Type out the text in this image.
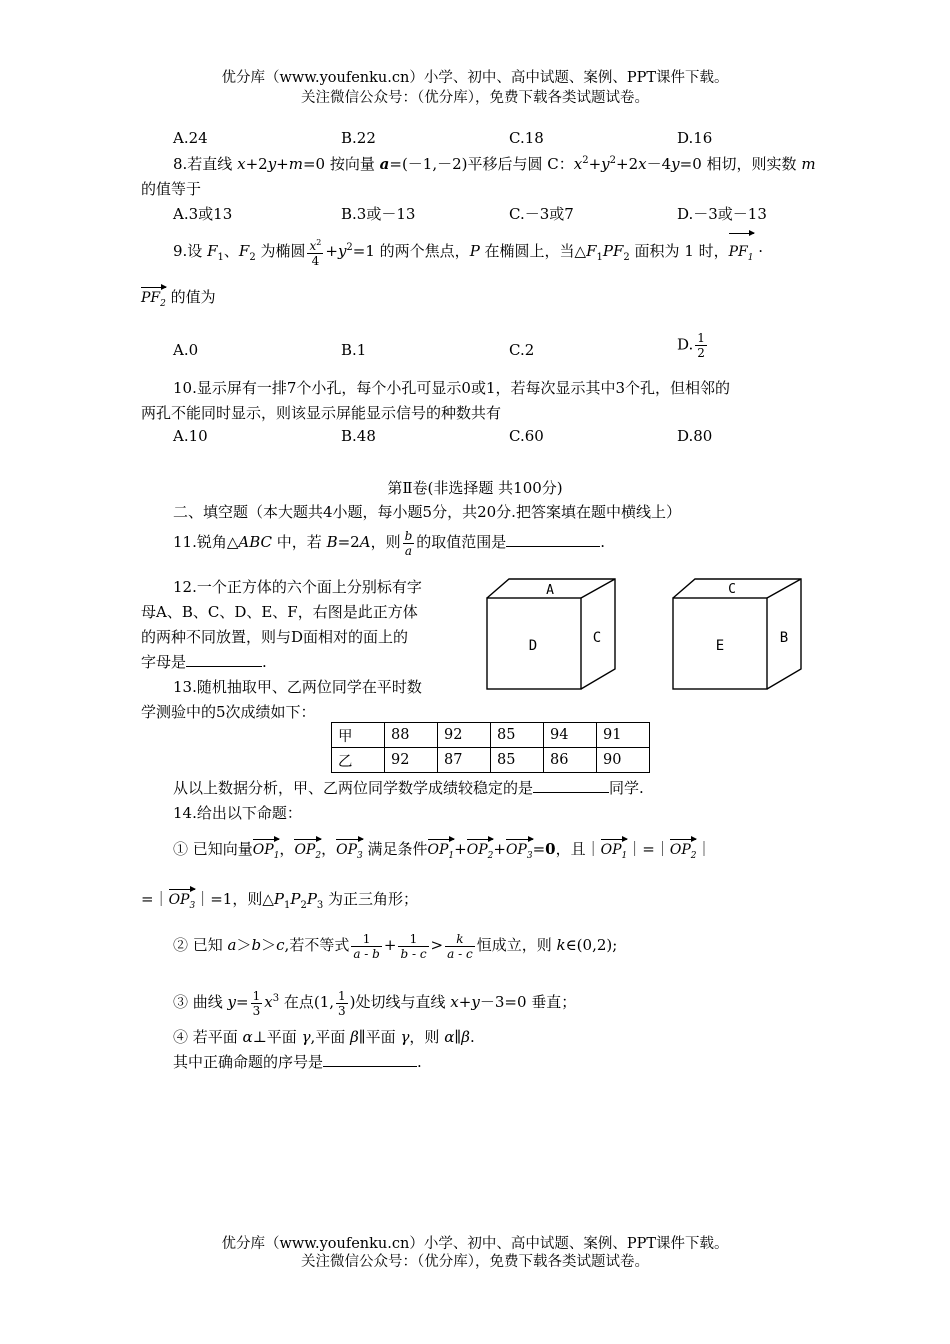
优分库（www.youfenku.cn）小学、初中、高中试题、案例、PPT课件下载。
关注微信公众号：（优分库），免费下载各类试题试卷。
A.24	B.22	C.18	D.16
8.若直线 x+2y+m=0 按向量 a=(－1,－2)平移后与圆 C：$x^2+y^2+2x-4y=0$ 相切，则实数 m
的值等于
A.3或13	B.3或－13	C.－3或7	D.－3或－13
9.设 $F_1$、$F_2$ 为椭圆 $\frac{x^2}{4} +y^2=1$ 的两个焦点，P 在椭圆上，当$\triangle F_1PF_2$ 面积为 1 时，$PF_1$ ·
$PF_2$ 的值为
A.0	B.1	C.2	D. $\frac{1}{2}$
10.显示屏有一排7个小孔，每个小孔可显示0或1，若每次显示其中3个孔，但相邻的
两孔不能同时显示，则该显示屏能显示信号的种数共有
A.10	B.48	C.60	D.80
第Ⅱ卷(非选择题 共100分)
二、填空题（本大题共4小题，每小题5分，共20分.把答案填在题中横线上）
11.锐角△ABC 中，若 B=2A，则 $\frac{b}{a}$ 的取值范围是	.
12.一个正方体的六个面上分别标有字
母A、B、C、D、E、F，右图是此正方体
的两种不同放置，则与D面相对的面上的
字母是	.
A
D	C
C
E	B
13.随机抽取甲、乙两位同学在平时数
学测验中的5次成绩如下：
甲	88	92	85	94	91
乙	92	87	85	86	90
从以上数据分析，甲、乙两位同学数学成绩较稳定的是	同学.
14.给出以下命题：
① 已知向量$OP_1$，$OP_2$，$OP_3$ 满足条件$OP_1+OP_2+OP_3=0$，且$|OP_1|=|OP_2|$
$=|OP_3|=1$，则$\triangle P_1P_2P_3$ 为正三角形；
② 已知 a＞b＞c,若不等式 $\frac{1}{a - b} + \frac{1}{b - c} > \frac{k}{a - c}$ 恒成立，则 k∈(0,2);
③ 曲线 $y= \frac{1}{3} x^3$ 在点(1, $\frac{1}{3}$ )处切线与直线 x+y－3=0 垂直；
④ 若平面 α⊥平面 γ,平面 β∥平面 γ，则 α∥β.
其中正确命题的序号是	.
优分库（www.youfenku.cn）小学、初中、高中试题、案例、PPT课件下载。
关注微信公众号：（优分库），免费下载各类试题试卷。
